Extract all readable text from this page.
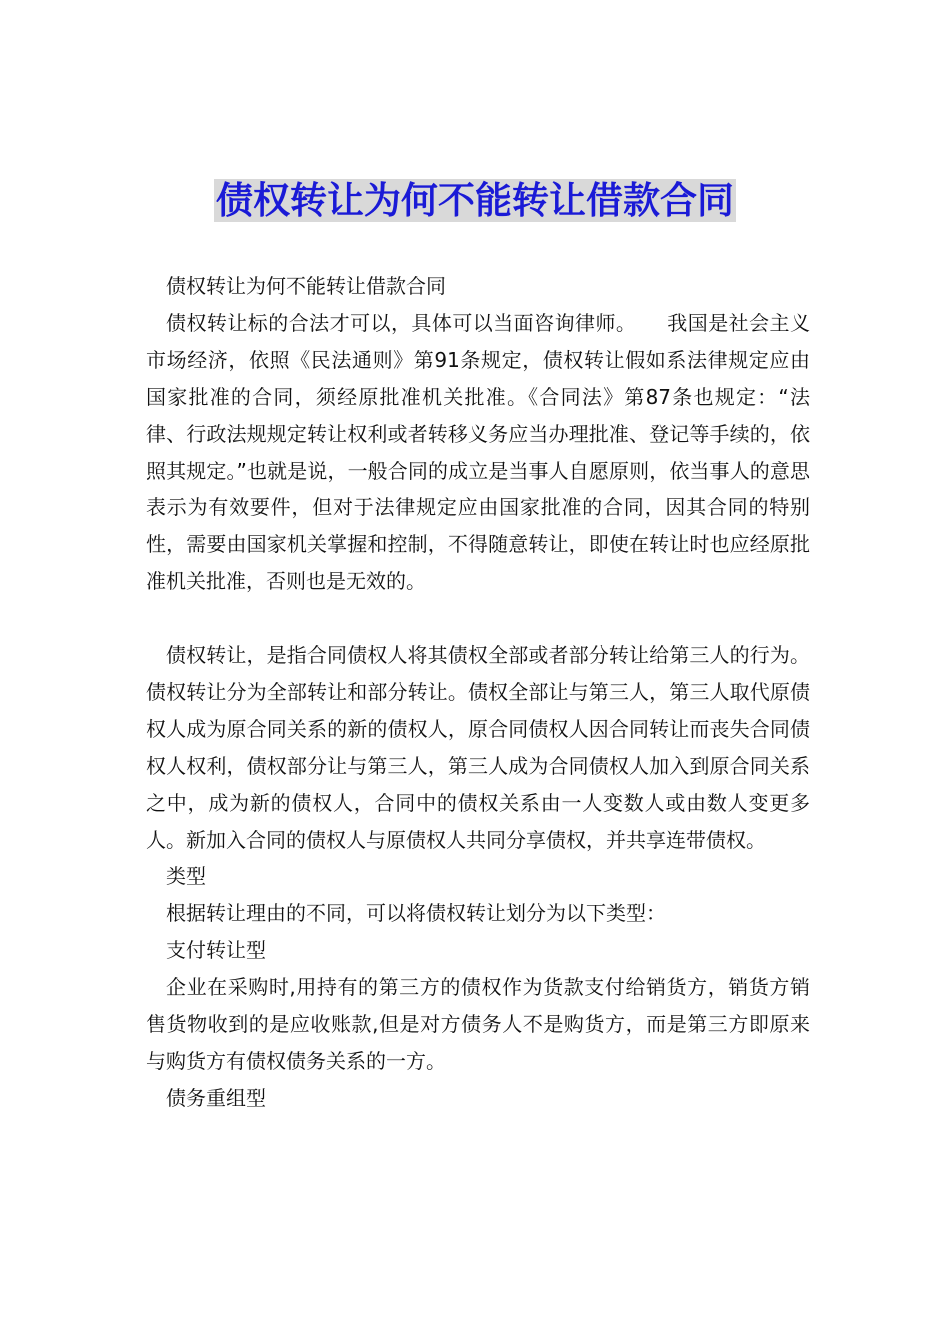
债权转让为何不能转让借款合同

债权转让为何不能转让借款合同

债权转让标的合法才可以，具体可以当面咨询律师。　　我国是社会主义市场经济，依照《民法通则》第91条规定，债权转让假如系法律规定应由国家批准的合同，须经原批准机关批准。《合同法》第87条也规定：“法律、行政法规规定转让权利或者转移义务应当办理批准、登记等手续的，依照其规定。”也就是说，一般合同的成立是当事人自愿原则，依当事人的意思表示为有效要件，但对于法律规定应由国家批准的合同，因其合同的特别性，需要由国家机关掌握和控制，不得随意转让，即使在转让时也应经原批准机关批准，否则也是无效的。

债权转让，是指合同债权人将其债权全部或者部分转让给第三人的行为。债权转让分为全部转让和部分转让。债权全部让与第三人，第三人取代原债权人成为原合同关系的新的债权人，原合同债权人因合同转让而丧失合同债权人权利，债权部分让与第三人，第三人成为合同债权人加入到原合同关系之中，成为新的债权人，合同中的债权关系由一人变数人或由数人变更多人。新加入合同的债权人与原债权人共同分享债权，并共享连带债权。

类型

根据转让理由的不同，可以将债权转让划分为以下类型：

支付转让型

企业在采购时,用持有的第三方的债权作为货款支付给销货方，销货方销售货物收到的是应收账款,但是对方债务人不是购货方，而是第三方即原来与购货方有债权债务关系的一方。

债务重组型
